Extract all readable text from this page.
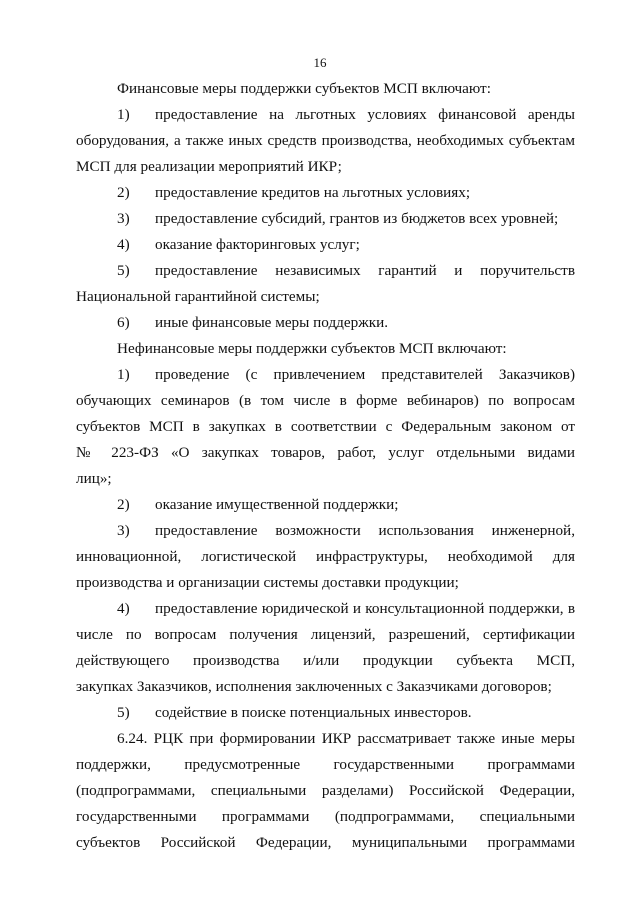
16
Финансовые меры поддержки субъектов МСП включают:
1) предоставление на льготных условиях финансовой аренды
оборудования, а также иных средств производства, необходимых субъектам
МСП для реализации мероприятий ИКР;
2) предоставление кредитов на льготных условиях;
3) предоставление субсидий, грантов из бюджетов всех уровней;
4) оказание факторинговых услуг;
5) предоставление независимых гарантий и поручительств
Национальной гарантийной системы;
6) иные финансовые меры поддержки.
Нефинансовые меры поддержки субъектов МСП включают:
1) проведение (с привлечением представителей Заказчиков)
обучающих семинаров (в том числе в форме вебинаров) по вопросам
субъектов МСП в закупках в соответствии с Федеральным законом от
№ 223-ФЗ «О закупках товаров, работ, услуг отдельными видами
лиц»;
2) оказание имущественной поддержки;
3) предоставление возможности использования инженерной,
инновационной, логистической инфраструктуры, необходимой для
производства и организации системы доставки продукции;
4) предоставление юридической и консультационной поддержки, в
числе по вопросам получения лицензий, разрешений, сертификации
действующего производства и/или продукции субъекта МСП,
закупках Заказчиков, исполнения заключенных с Заказчиками договоров;
5) содействие в поиске потенциальных инвесторов.
6.24. РЦК при формировании ИКР рассматривает также иные меры
поддержки, предусмотренные государственными программами
(подпрограммами, специальными разделами) Российской Федерации,
государственными программами (подпрограммами, специальными
субъектов Российской Федерации, муниципальными программами
